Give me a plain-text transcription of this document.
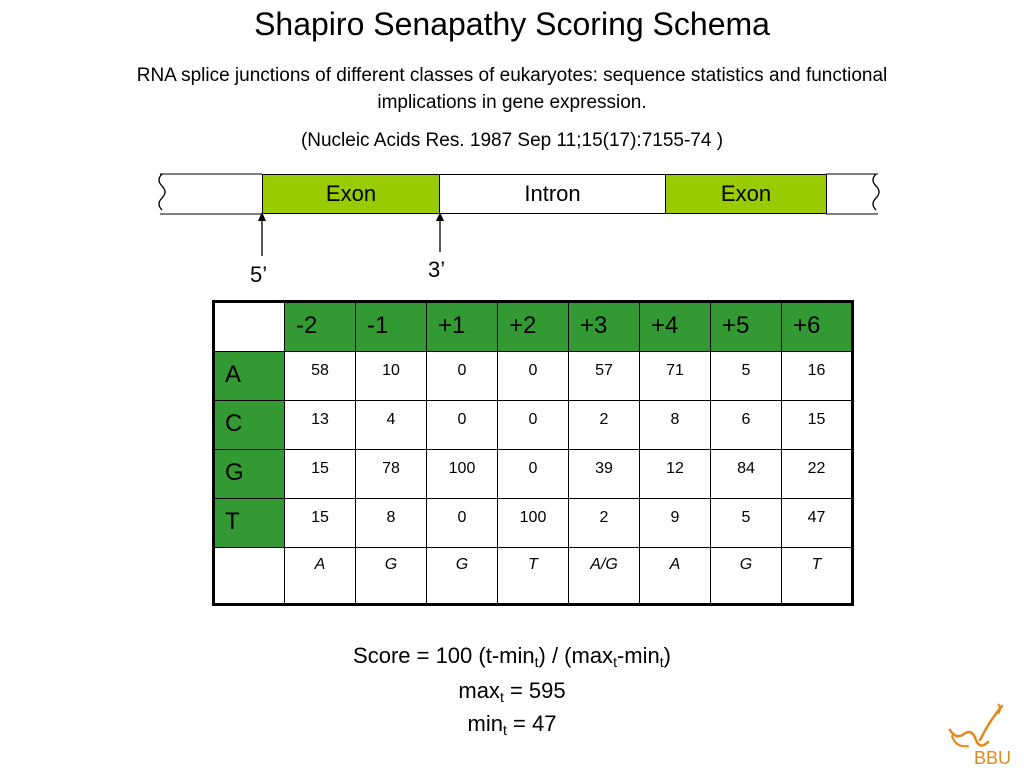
Shapiro Senapathy Scoring Schema
RNA splice junctions of different classes of eukaryotes: sequence statistics and functional implications in gene expression.
(Nucleic Acids Res. 1987 Sep 11;15(17):7155-74 )
Exon	Intron	Exon
5’	3’
	-2	-1	+1	+2	+3	+4	+5	+6
A	58	10	0	0	57	71	5	16
C	13	4	0	0	2	8	6	15
G	15	78	100	0	39	12	84	22
T	15	8	0	100	2	9	5	47
	A	G	G	T	A/G	A	G	T
Score = 100 $(t-\min_t) / (\max_t-\min_t)$
$\max_t = 595$
$\min_t = 47$
BBU
